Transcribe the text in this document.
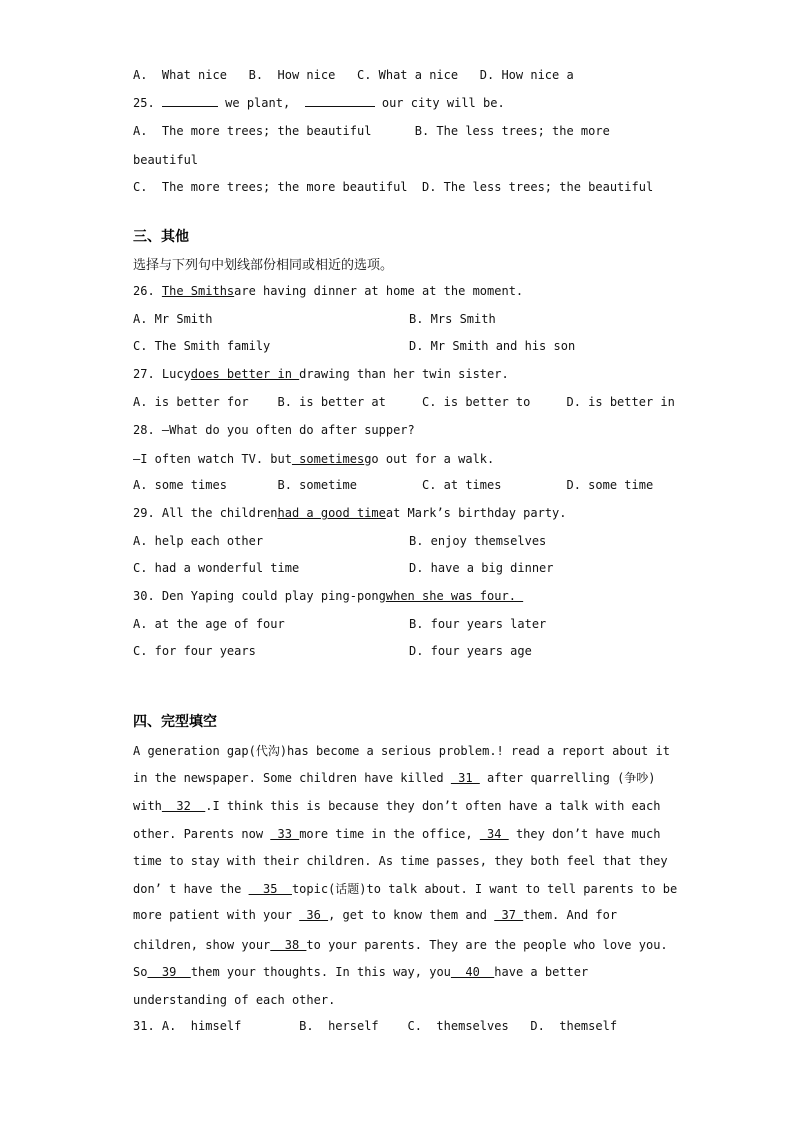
A.  What nice   B.  How nice   C. What a nice   D. How nice a
25.	we plant,	our city will be.
A.  The more trees; the beautiful      B. The less trees; the more
beautiful
C.  The more trees; the more beautiful  D. The less trees; the beautiful
三、其他
选择与下列句中划线部份相同或相近的选项。
26. The Smithsare having dinner at home at the moment.
A. Mr Smith	B. Mrs Smith
C. The Smith family	D. Mr Smith and his son
27. Lucydoes better in drawing than her twin sister.
A. is better for    B. is better at     C. is better to     D. is better in
28. —What do you often do after supper?
—I often watch TV. but sometimesgo out for a walk.
A. some times       B. sometime         C. at times         D. some time
29. All the childrenhad a good timeat Mark’s birthday party.
A. help each other	B. enjoy themselves
C. had a wonderful time	D. have a big dinner
30. Den Yaping could play ping-pongwhen she was four.
A. at the age of four	B. four years later
C. for four years	D. four years age
四、完型填空
A generation gap(代沟)has become a serious problem.! read a report about it
in the newspaper. Some children have killed  31  after quarrelling (争吵)
with  32  .I think this is because they don’t often have a talk with each
other. Parents now  33 more time in the office,  34  they don’t have much
time to stay with their children. As time passes, they both feel that they
don’ t have the   35  topic(话题)to talk about. I want to tell parents to be
more patient with your  36 , get to know them and  37 them. And for
children, show your  38 to your parents. They are the people who love you.
So  39  them your thoughts. In this way, you  40  have a better
understanding of each other.
31. A.  himself        B.  herself    C.  themselves   D.  themself
